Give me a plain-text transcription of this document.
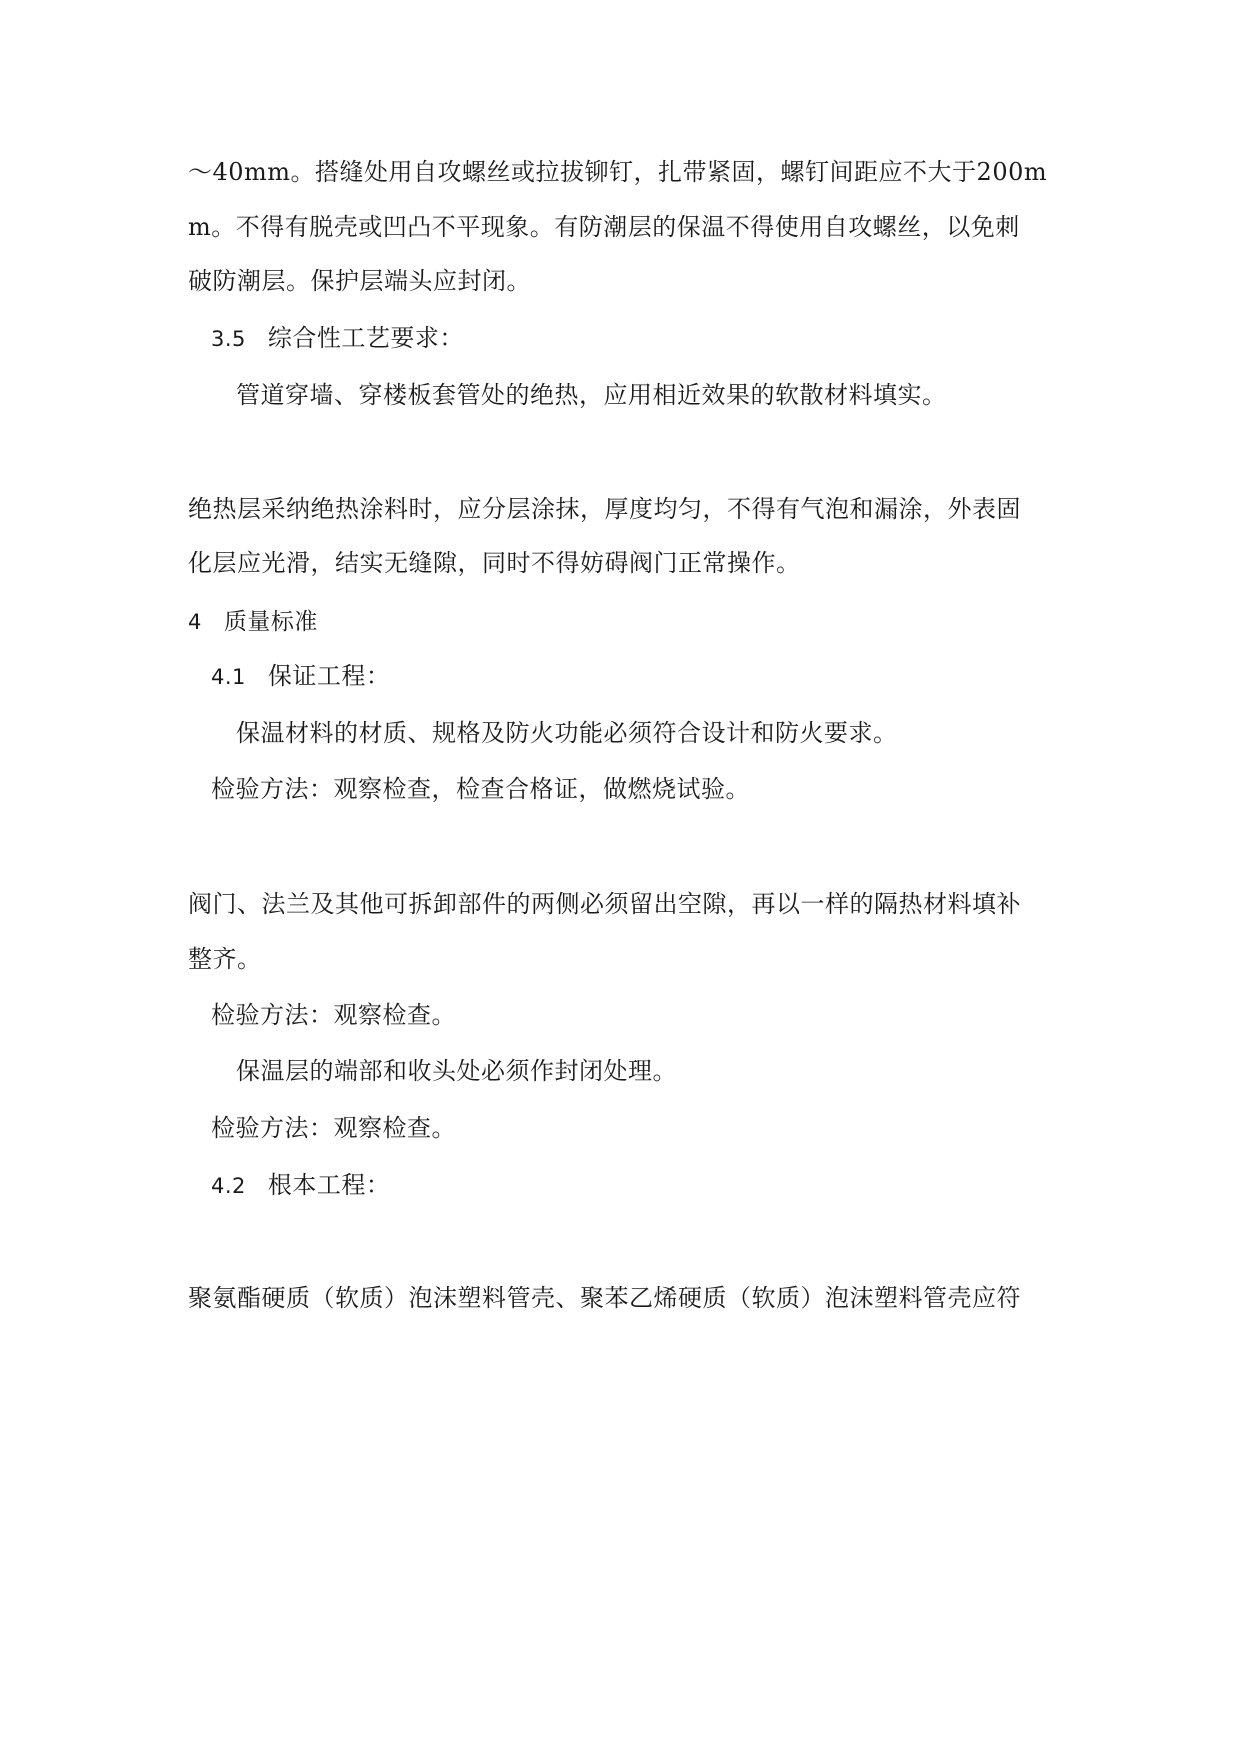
～40mm。搭缝处用自攻螺丝或拉拔铆钉，扎带紧固，螺钉间距应不大于200m
m。不得有脱壳或凹凸不平现象。有防潮层的保温不得使用自攻螺丝，以免刺
破防潮层。保护层端头应封闭。
3.5 综合性工艺要求：
管道穿墙、穿楼板套管处的绝热，应用相近效果的软散材料填实。
绝热层采纳绝热涂料时，应分层涂抹，厚度均匀，不得有气泡和漏涂，外表固
化层应光滑，结实无缝隙，同时不得妨碍阀门正常操作。
4 质量标准
4.1 保证工程：
保温材料的材质、规格及防火功能必须符合设计和防火要求。
检验方法：观察检查，检查合格证，做燃烧试验。
阀门、法兰及其他可拆卸部件的两侧必须留出空隙，再以一样的隔热材料填补
整齐。
检验方法：观察检查。
保温层的端部和收头处必须作封闭处理。
检验方法：观察检查。
4.2 根本工程：
聚氨酯硬质（软质）泡沫塑料管壳、聚苯乙烯硬质（软质）泡沫塑料管壳应符
